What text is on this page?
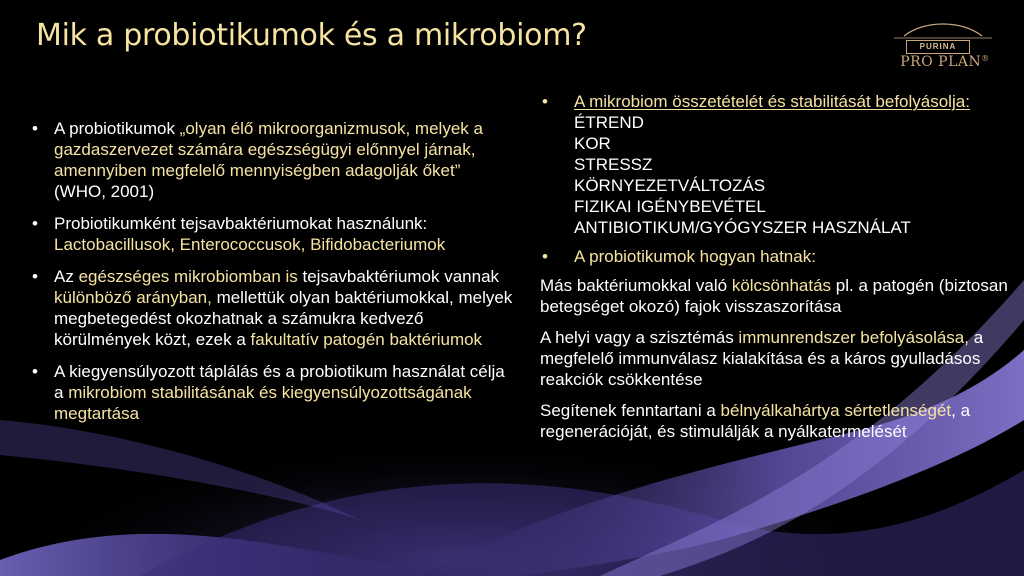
Mik a probiotikumok és a mikrobiom?	PURINA
PRO PLAN®
• A probiotikumok „olyan élő mikroorganizmusok, melyek a gazdaszervezet számára egészségügyi előnnyel járnak, amennyiben megfelelő mennyiségben adagolják őket” (WHO, 2001)
• Probiotikumként tejsavbaktériumokat használunk: Lactobacillusok, Enterococcusok, Bifidobacteriumok
• Az egészséges mikrobiomban is tejsavbaktériumok vannak különböző arányban, mellettük olyan baktériumokkal, melyek megbetegedést okozhatnak a számukra kedvező körülmények közt, ezek a fakultatív patogén baktériumok
• A kiegyensúlyozott táplálás és a probiotikum használat célja a mikrobiom stabilitásának és kiegyensúlyozottságának megtartása
• A mikrobiom összetételét és stabilitását befolyásolja:
ÉTREND
KOR
STRESSZ
KÖRNYEZETVÁLTOZÁS
FIZIKAI IGÉNYBEVÉTEL
ANTIBIOTIKUM/GYÓGYSZER HASZNÁLAT
• A probiotikumok hogyan hatnak:

Más baktériumokkal való kölcsönhatás pl. a patogén (biztosan betegséget okozó) fajok visszaszorítása

A helyi vagy a szisztémás immunrendszer befolyásolása, a megfelelő immunválasz kialakítása és a káros gyulladásos reakciók csökkentése

Segítenek fenntartani a bélnyálkahártya sértetlenségét, a regenerációját, és stimulálják a nyálkatermelését
